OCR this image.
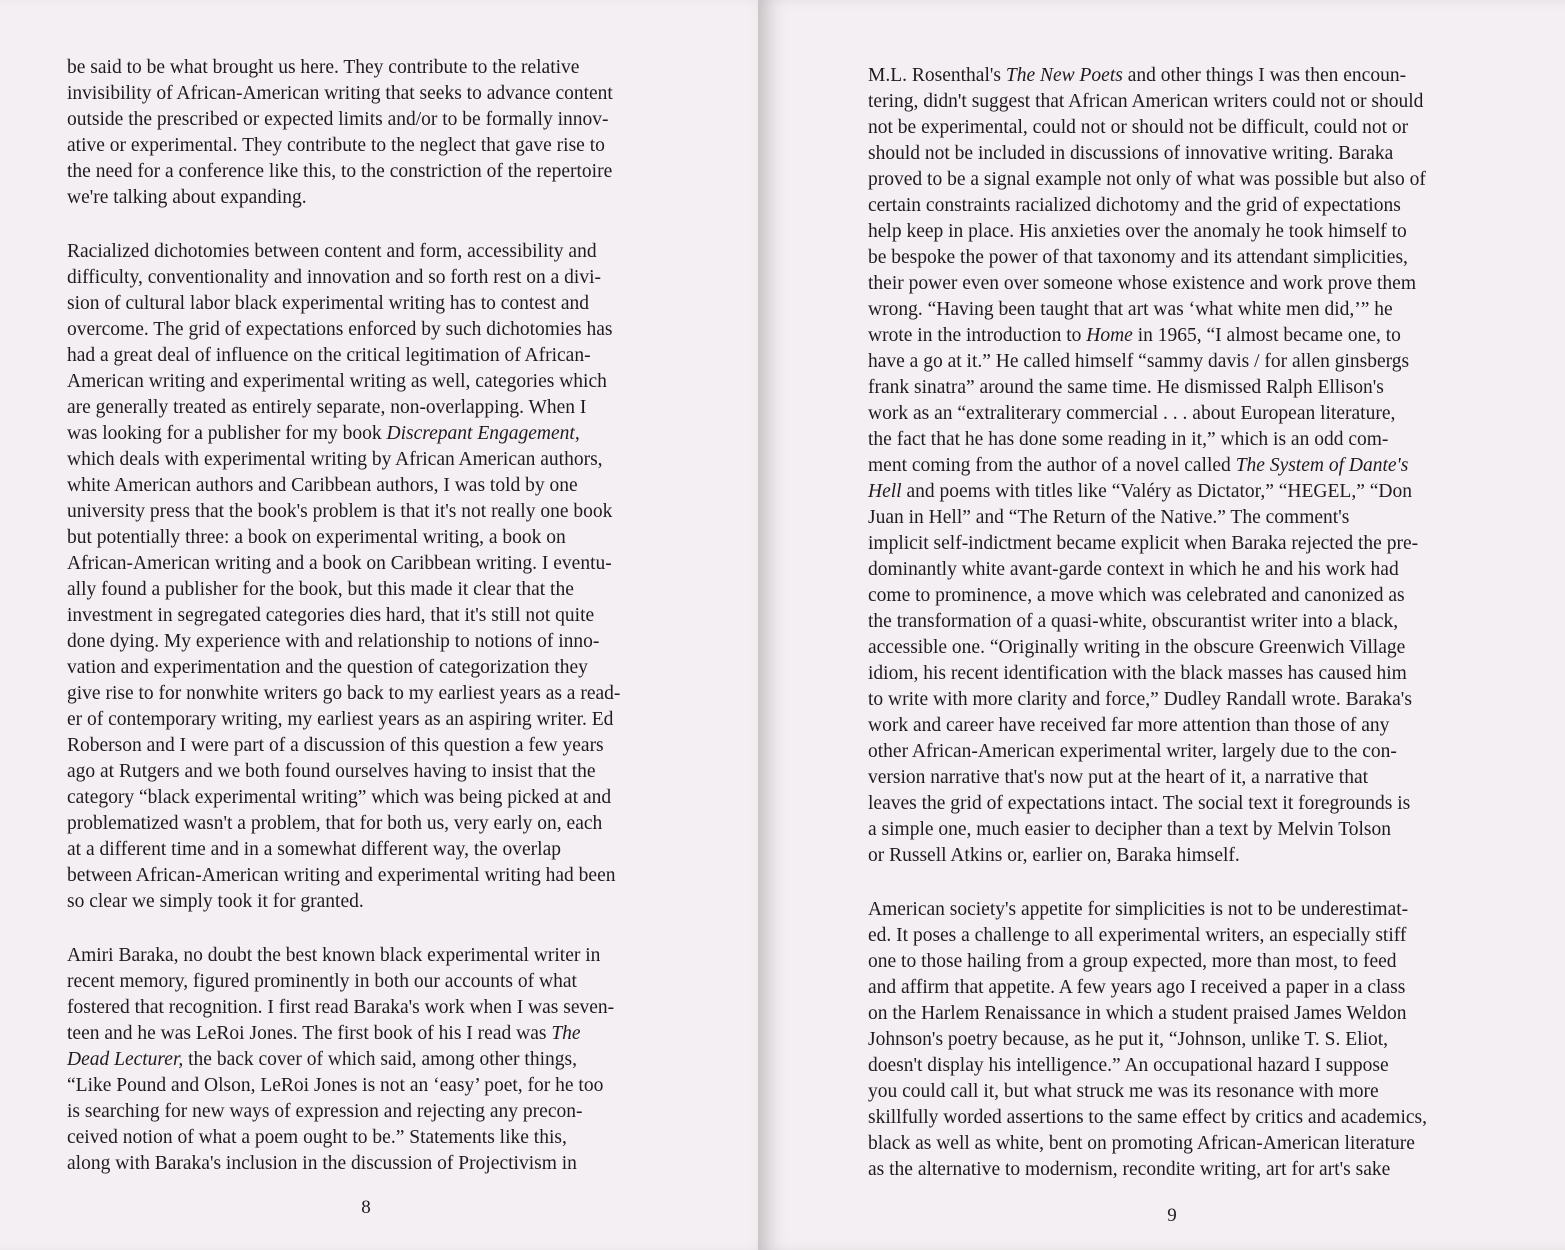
be said to be what brought us here. They contribute to the relative
invisibility of African-American writing that seeks to advance content
outside the prescribed or expected limits and/or to be formally innov-
ative or experimental. They contribute to the neglect that gave rise to
the need for a conference like this, to the constriction of the repertoire
we're talking about expanding.
Racialized dichotomies between content and form, accessibility and
difficulty, conventionality and innovation and so forth rest on a divi-
sion of cultural labor black experimental writing has to contest and
overcome. The grid of expectations enforced by such dichotomies has
had a great deal of influence on the critical legitimation of African-
American writing and experimental writing as well, categories which
are generally treated as entirely separate, non-overlapping. When I
was looking for a publisher for my book Discrepant Engagement,
which deals with experimental writing by African American authors,
white American authors and Caribbean authors, I was told by one
university press that the book's problem is that it's not really one book
but potentially three: a book on experimental writing, a book on
African-American writing and a book on Caribbean writing. I eventu-
ally found a publisher for the book, but this made it clear that the
investment in segregated categories dies hard, that it's still not quite
done dying. My experience with and relationship to notions of inno-
vation and experimentation and the question of categorization they
give rise to for nonwhite writers go back to my earliest years as a read-
er of contemporary writing, my earliest years as an aspiring writer. Ed
Roberson and I were part of a discussion of this question a few years
ago at Rutgers and we both found ourselves having to insist that the
category “black experimental writing” which was being picked at and
problematized wasn't a problem, that for both us, very early on, each
at a different time and in a somewhat different way, the overlap
between African-American writing and experimental writing had been
so clear we simply took it for granted.
Amiri Baraka, no doubt the best known black experimental writer in
recent memory, figured prominently in both our accounts of what
fostered that recognition. I first read Baraka's work when I was seven-
teen and he was LeRoi Jones. The first book of his I read was The
Dead Lecturer, the back cover of which said, among other things,
“Like Pound and Olson, LeRoi Jones is not an ‘easy’ poet, for he too
is searching for new ways of expression and rejecting any precon-
ceived notion of what a poem ought to be.” Statements like this,
along with Baraka's inclusion in the discussion of Projectivism in
8
M.L. Rosenthal's The New Poets and other things I was then encoun-
tering, didn't suggest that African American writers could not or should
not be experimental, could not or should not be difficult, could not or
should not be included in discussions of innovative writing. Baraka
proved to be a signal example not only of what was possible but also of
certain constraints racialized dichotomy and the grid of expectations
help keep in place. His anxieties over the anomaly he took himself to
be bespoke the power of that taxonomy and its attendant simplicities,
their power even over someone whose existence and work prove them
wrong. “Having been taught that art was ‘what white men did,’” he
wrote in the introduction to Home in 1965, “I almost became one, to
have a go at it.” He called himself “sammy davis / for allen ginsbergs
frank sinatra” around the same time. He dismissed Ralph Ellison's
work as an “extraliterary commercial . . . about European literature,
the fact that he has done some reading in it,” which is an odd com-
ment coming from the author of a novel called The System of Dante's
Hell and poems with titles like “Valéry as Dictator,” “HEGEL,” “Don
Juan in Hell” and “The Return of the Native.” The comment's
implicit self-indictment became explicit when Baraka rejected the pre-
dominantly white avant-garde context in which he and his work had
come to prominence, a move which was celebrated and canonized as
the transformation of a quasi-white, obscurantist writer into a black,
accessible one. “Originally writing in the obscure Greenwich Village
idiom, his recent identification with the black masses has caused him
to write with more clarity and force,” Dudley Randall wrote. Baraka's
work and career have received far more attention than those of any
other African-American experimental writer, largely due to the con-
version narrative that's now put at the heart of it, a narrative that
leaves the grid of expectations intact. The social text it foregrounds is
a simple one, much easier to decipher than a text by Melvin Tolson
or Russell Atkins or, earlier on, Baraka himself.
American society's appetite for simplicities is not to be underestimat-
ed. It poses a challenge to all experimental writers, an especially stiff
one to those hailing from a group expected, more than most, to feed
and affirm that appetite. A few years ago I received a paper in a class
on the Harlem Renaissance in which a student praised James Weldon
Johnson's poetry because, as he put it, “Johnson, unlike T. S. Eliot,
doesn't display his intelligence.” An occupational hazard I suppose
you could call it, but what struck me was its resonance with more
skillfully worded assertions to the same effect by critics and academics,
black as well as white, bent on promoting African-American literature
as the alternative to modernism, recondite writing, art for art's sake
9
